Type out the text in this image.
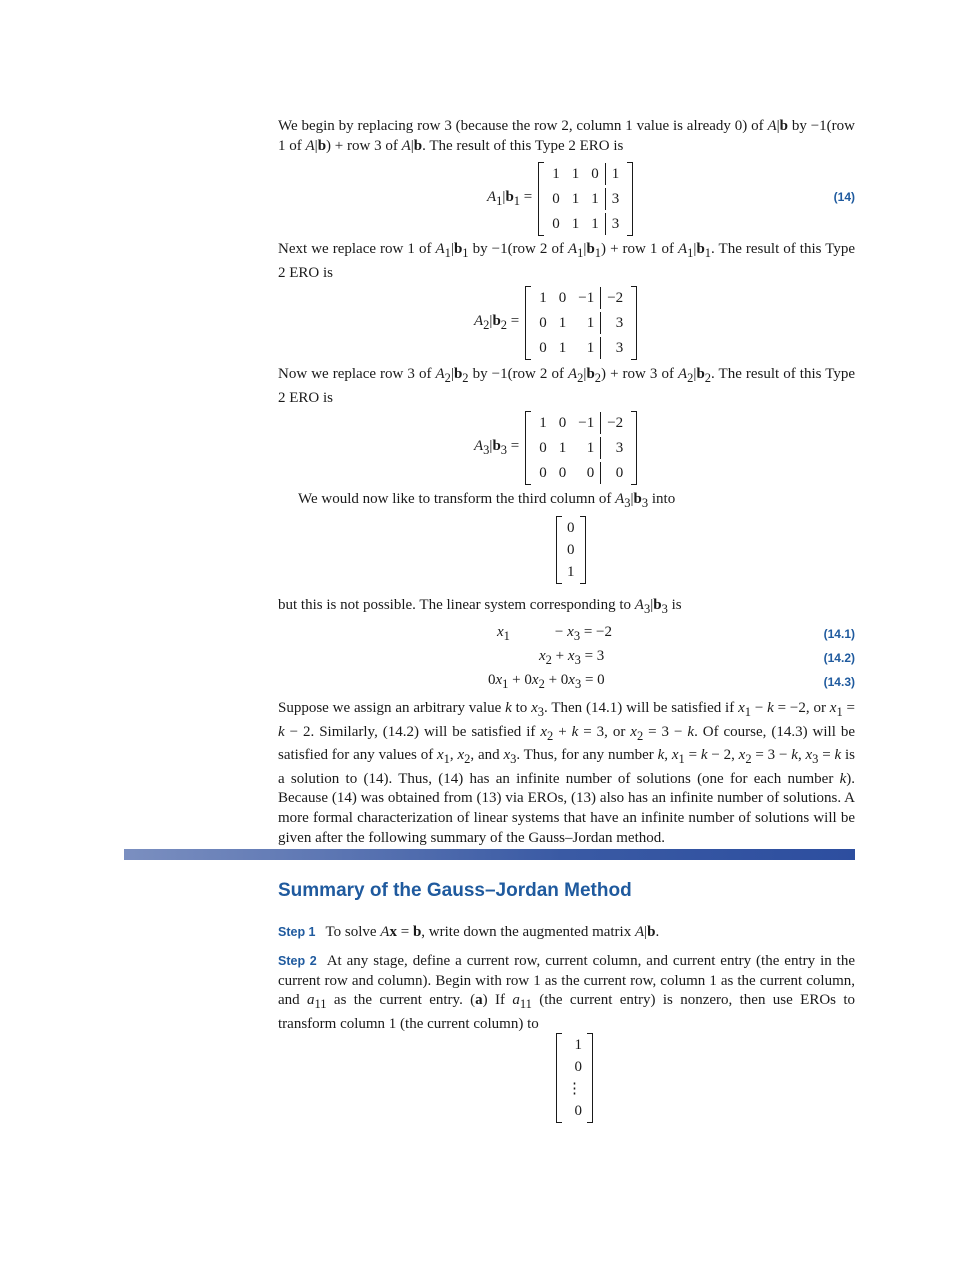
We begin by replacing row 3 (because the row 2, column 1 value is already 0) of A|b by −1(row 1 of A|b) + row 3 of A|b. The result of this Type 2 ERO is
$A_1|b_1$ =
1 1 0 1
0 1 1 3
0 1 1 3
(14)
Next we replace row 1 of $A_1|b_1$ by −1(row 2 of $A_1|b_1$) + row 1 of $A_1|b_1$. The result of this Type 2 ERO is
$A_2|b_2$ =
1 0 −1 −2
0 1	1	3
0 1	1	3
Now we replace row 3 of $A_2|b_2$ by −1(row 2 of $A_2|b_2$) + row 3 of $A_2|b_2$. The result of this Type 2 ERO is
$A_3|b_3$ =
1 0 −1 −2
0 1	1	3
0 0	0	0
We would now like to transform the third column of $A_3|b_3$ into
0
0
1
but this is not possible. The linear system corresponding to $A_3|b_3$ is
$x_1$            − $x_3 = -2$	(14.1)
$x_2 + x_3 = 3$	(14.2)
$0x_1 + 0x_2 + 0x_3 = 0$	(14.3)
Suppose we assign an arbitrary value k to $x_3$. Then (14.1) will be satisfied if $x_1 - k = -2$, or $x_1 = k - 2$. Similarly, (14.2) will be satisfied if $x_2 + k = 3$, or $x_2 = 3 - k$. Of course, (14.3) will be satisfied for any values of $x_1$, $x_2$, and $x_3$. Thus, for any number k, $x_1 = k - 2$, $x_2 = 3 - k$, $x_3 = k$ is a solution to (14). Thus, (14) has an infinite number of solutions (one for each number k). Because (14) was obtained from (13) via EROs, (13) also has an infinite number of solutions. A more formal characterization of linear systems that have an infinite number of solutions will be given after the following summary of the Gauss–Jordan method.
Summary of the Gauss–Jordan Method
Step 1 To solve Ax = b, write down the augmented matrix A|b.
Step 2 At any stage, define a current row, current column, and current entry (the entry in the current row and column). Begin with row 1 as the current row, column 1 as the current column, and $a_{11}$ as the current entry. (a) If $a_{11}$ (the current entry) is nonzero, then use EROs to transform column 1 (the current column) to
1
0
⋮
0
